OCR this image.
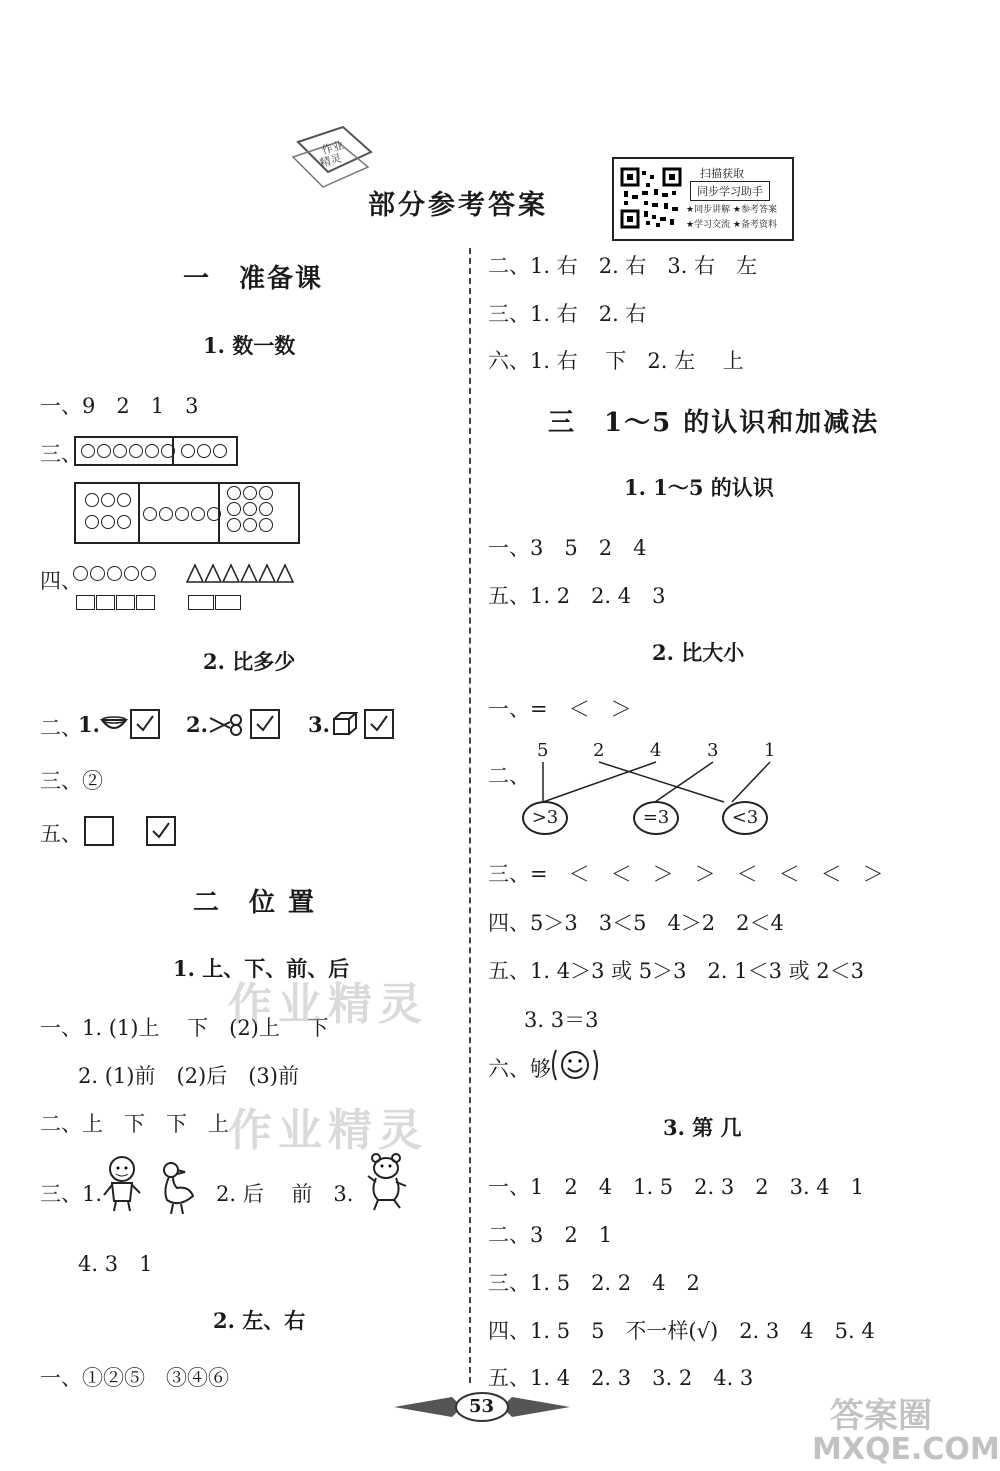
作业
精灵
部分参考答案
扫描获取
同步学习助手
★同步讲解 ★参考答案
★学习交流 ★备考资料
一　准备课
1. 数一数
一、9　2　1　3
三、

四、
2. 比多少
二、
1.	2.	3.
三、②
五、
二　位 置
1. 上、下、前、后
一、1. (1)上　 下　(2)上　 下
2. (1)前　(2)后　(3)前
二、上　下　下　上
三、1.	2. 后　 前　3.
4. 3　1
2. 左、右
一、①②⑤　③④⑥
作业精灵
作业精灵
二、1. 右　2. 右　3. 右　左
三、1. 右　2. 右
六、1. 右　 下　2. 左　 上
三　1～5 的认识和加减法
1. 1～5 的认识
一、3　5　2　4
五、1. 2　2. 4　3
2. 比大小
一、=　＜　＞
二、
5 2	4	3	1
>3	=3	<3
三、=　＜　＜　＞　＞　＜　＜　＜　＞
四、5＞3　3＜5　4＞2　2＜4
五、1. 4＞3 或 5＞3　2. 1＜3 或 2＜3
3. 3＝3
六、够
3. 第 几
一、1　2　4　1. 5　2. 3　2　3. 4　1
二、3　2　1
三、1. 5　2. 2　4　2
四、1. 5　5　不一样(√)　2. 3　4　5. 4
五、1. 4　2. 3　3. 2　4. 3
53	答案圈
MXQE.COM
